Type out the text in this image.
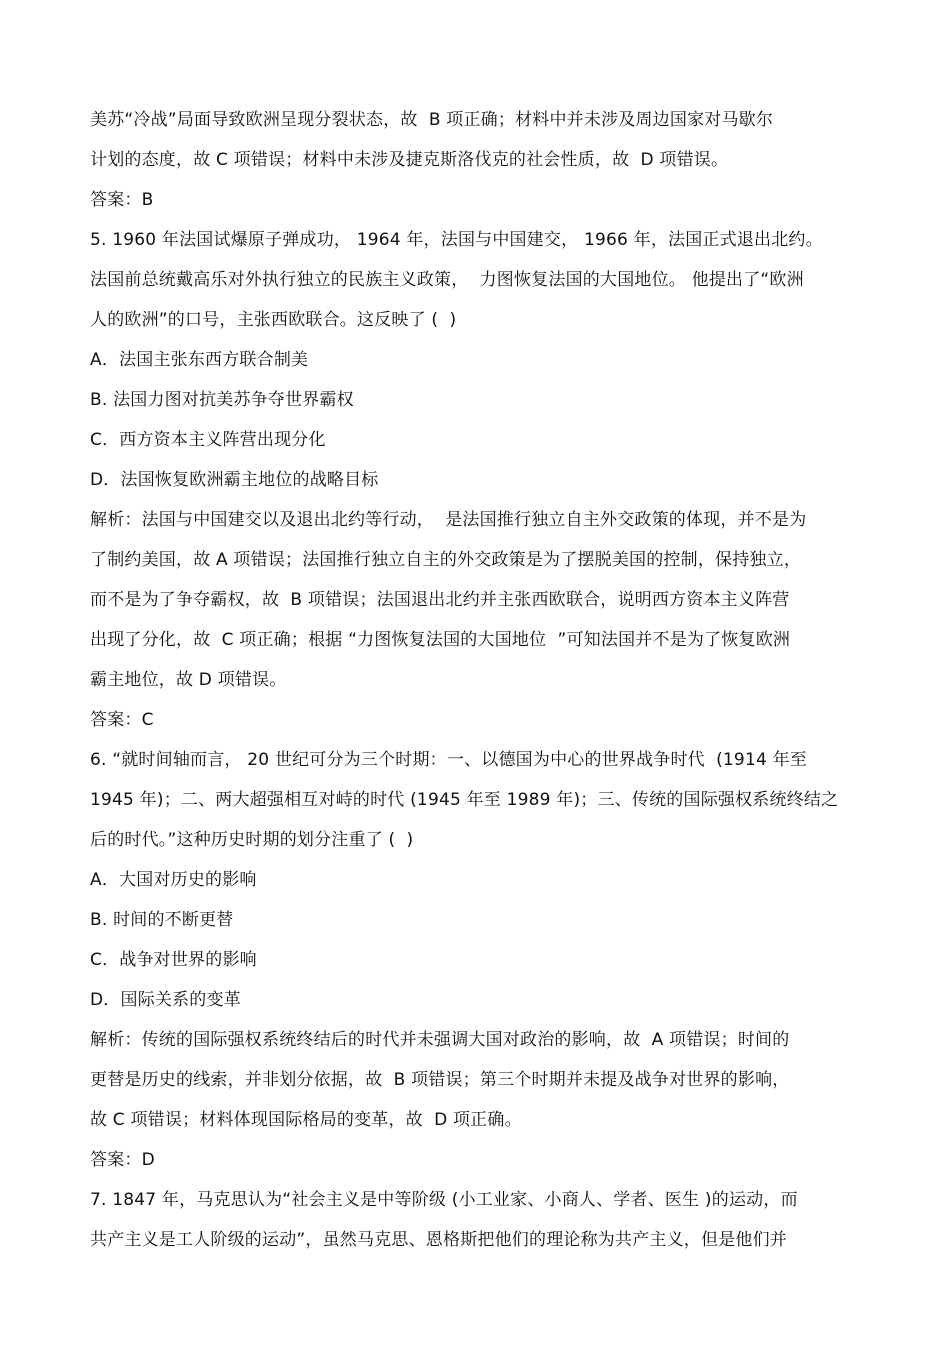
美苏“冷战”局面导致欧洲呈现分裂状态，故  B 项正确；材料中并未涉及周边国家对马歇尔
计划的态度，故 C 项错误；材料中未涉及捷克斯洛伐克的社会性质，故  D 项错误。
答案：B
5. 1960 年法国试爆原子弹成功， 1964 年，法国与中国建交， 1966 年，法国正式退出北约。
法国前总统戴高乐对外执行独立的民族主义政策，  力图恢复法国的大国地位。 他提出了“欧洲
人的欧洲”的口号，主张西欧联合。这反映了 (  )
A．法国主张东西方联合制美
B. 法国力图对抗美苏争夺世界霸权
C．西方资本主义阵营出现分化
D．法国恢复欧洲霸主地位的战略目标
解析：法国与中国建交以及退出北约等行动，  是法国推行独立自主外交政策的体现，并不是为
了制约美国，故 A 项错误；法国推行独立自主的外交政策是为了摆脱美国的控制，保持独立，
而不是为了争夺霸权，故  B 项错误；法国退出北约并主张西欧联合，说明西方资本主义阵营
出现了分化，故  C 项正确；根据 “力图恢复法国的大国地位  ”可知法国并不是为了恢复欧洲
霸主地位，故 D 项错误。
答案：C
6. “就时间轴而言， 20 世纪可分为三个时期：一、以德国为中心的世界战争时代  (1914 年至
1945 年)；二、两大超强相互对峙的时代 (1945 年至 1989 年)；三、传统的国际强权系统终结之
后的时代。”这种历史时期的划分注重了 (  )
A．大国对历史的影响
B. 时间的不断更替
C．战争对世界的影响
D．国际关系的变革
解析：传统的国际强权系统终结后的时代并未强调大国对政治的影响，故  A 项错误；时间的
更替是历史的线索，并非划分依据，故  B 项错误；第三个时期并未提及战争对世界的影响，
故 C 项错误；材料体现国际格局的变革，故  D 项正确。
答案：D
7. 1847 年，马克思认为“社会主义是中等阶级 (小工业家、小商人、学者、医生 )的运动，而
共产主义是工人阶级的运动”，虽然马克思、恩格斯把他们的理论称为共产主义，但是他们并
